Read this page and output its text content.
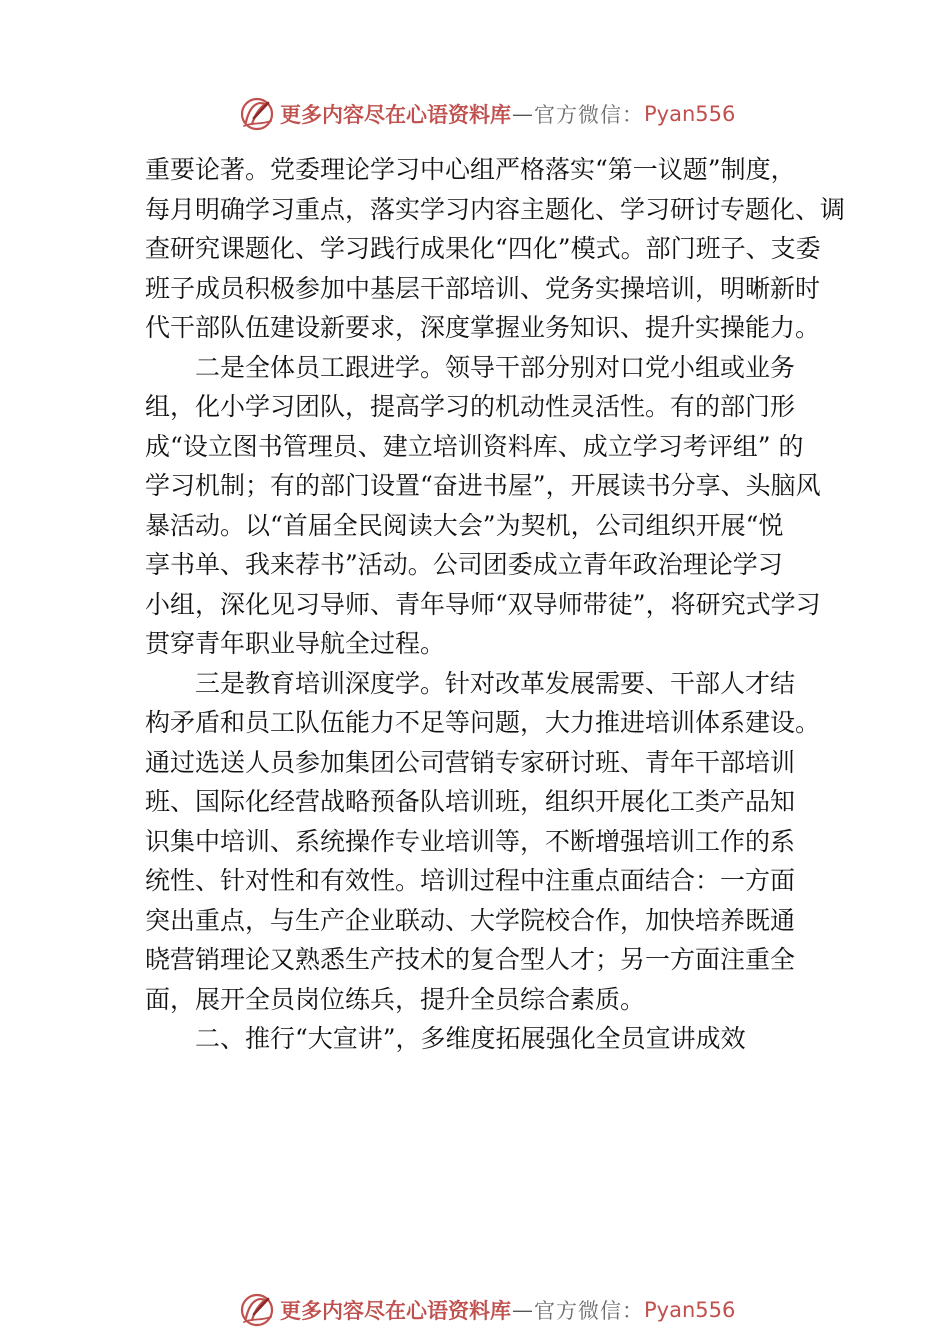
更多内容尽在心语资料库 — 官方微信： Pyan556
重要论著。党委理论学习中心组严格落实“第一议题”制度，
每月明确学习重点，落实学习内容主题化、学习研讨专题化、调
查研究课题化、学习践行成果化“四化”模式。部门班子、支委
班子成员积极参加中基层干部培训、党务实操培训，明晰新时
代干部队伍建设新要求，深度掌握业务知识、提升实操能力。
二是全体员工跟进学。领导干部分别对口党小组或业务
组，化小学习团队，提高学习的机动性灵活性。有的部门形
成“设立图书管理员、建立培训资料库、成立学习考评组” 的
学习机制；有的部门设置“奋进书屋”，开展读书分享、头脑风
暴活动。以“首届全民阅读大会”为契机，公司组织开展“悦
享书单、我来荐书”活动。公司团委成立青年政治理论学习
小组，深化见习导师、青年导师“双导师带徒”，将研究式学习
贯穿青年职业导航全过程。
三是教育培训深度学。针对改革发展需要、干部人才结
构矛盾和员工队伍能力不足等问题，大力推进培训体系建设。
通过选送人员参加集团公司营销专家研讨班、青年干部培训
班、国际化经营战略预备队培训班，组织开展化工类产品知
识集中培训、系统操作专业培训等，不断增强培训工作的系
统性、针对性和有效性。培训过程中注重点面结合：一方面
突出重点，与生产企业联动、大学院校合作，加快培养既通
晓营销理论又熟悉生产技术的复合型人才；另一方面注重全
面，展开全员岗位练兵，提升全员综合素质。
二、推行“大宣讲”，多维度拓展强化全员宣讲成效
更多内容尽在心语资料库 — 官方微信： Pyan556
